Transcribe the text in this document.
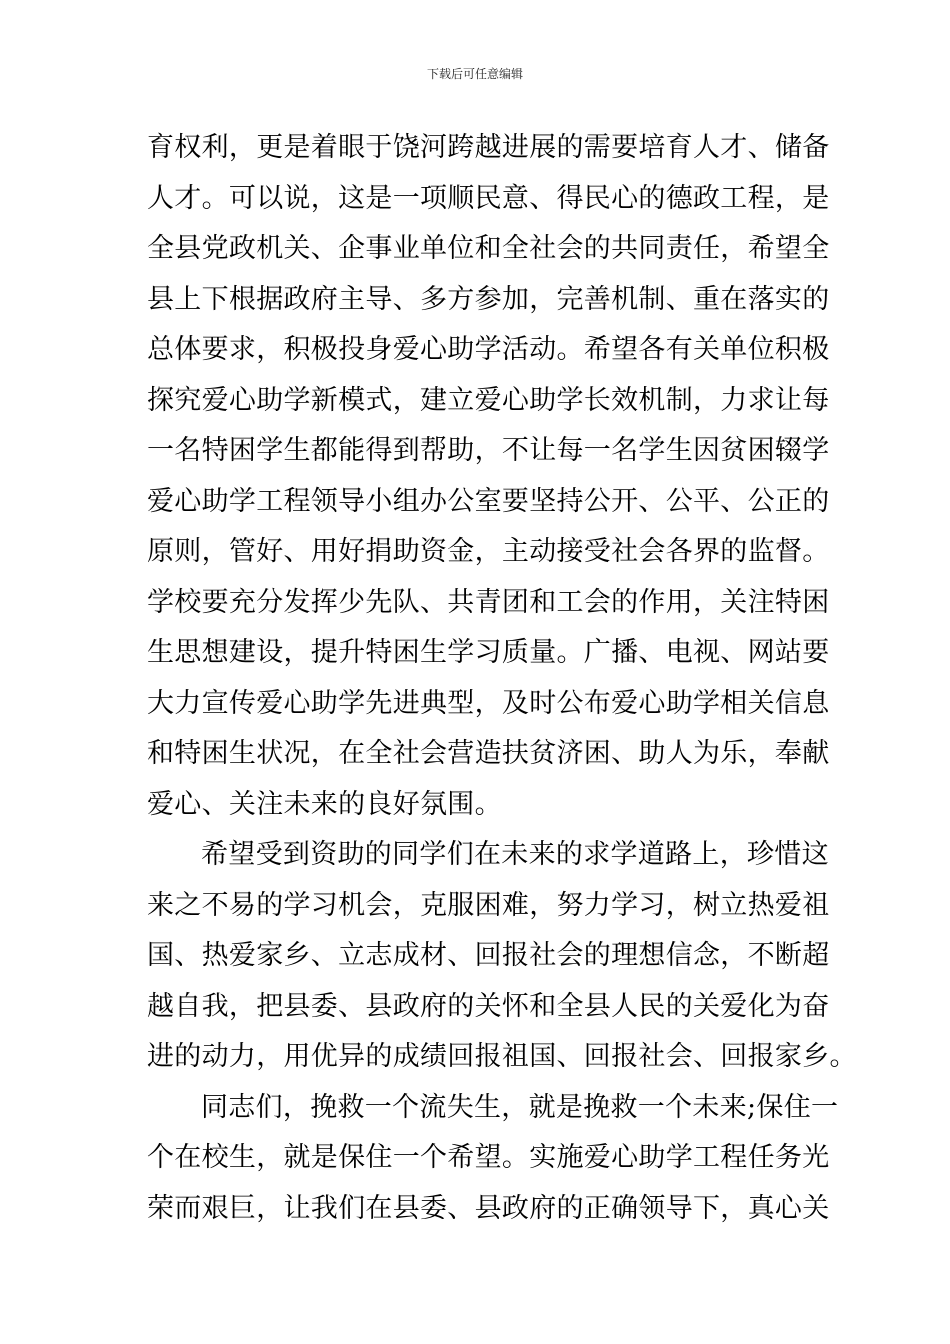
下载后可任意编辑
育权利，更是着眼于饶河跨越进展的需要培育人才、储备
人才。可以说，这是一项顺民意、得民心的德政工程，是
全县党政机关、企事业单位和全社会的共同责任，希望全
县上下根据政府主导、多方参加，完善机制、重在落实的
总体要求，积极投身爱心助学活动。希望各有关单位积极
探究爱心助学新模式，建立爱心助学长效机制，力求让每
一名特困学生都能得到帮助，不让每一名学生因贫困辍学
爱心助学工程领导小组办公室要坚持公开、公平、公正的
原则，管好、用好捐助资金，主动接受社会各界的监督。
学校要充分发挥少先队、共青团和工会的作用，关注特困
生思想建设，提升特困生学习质量。广播、电视、网站要
大力宣传爱心助学先进典型，及时公布爱心助学相关信息
和特困生状况，在全社会营造扶贫济困、助人为乐，奉献
爱心、关注未来的良好氛围。
希望受到资助的同学们在未来的求学道路上，珍惜这
来之不易的学习机会，克服困难，努力学习，树立热爱祖
国、热爱家乡、立志成材、回报社会的理想信念，不断超
越自我，把县委、县政府的关怀和全县人民的关爱化为奋
进的动力，用优异的成绩回报祖国、回报社会、回报家乡。
同志们，挽救一个流失生，就是挽救一个未来;保住一
个在校生，就是保住一个希望。实施爱心助学工程任务光
荣而艰巨，让我们在县委、县政府的正确领导下，真心关
